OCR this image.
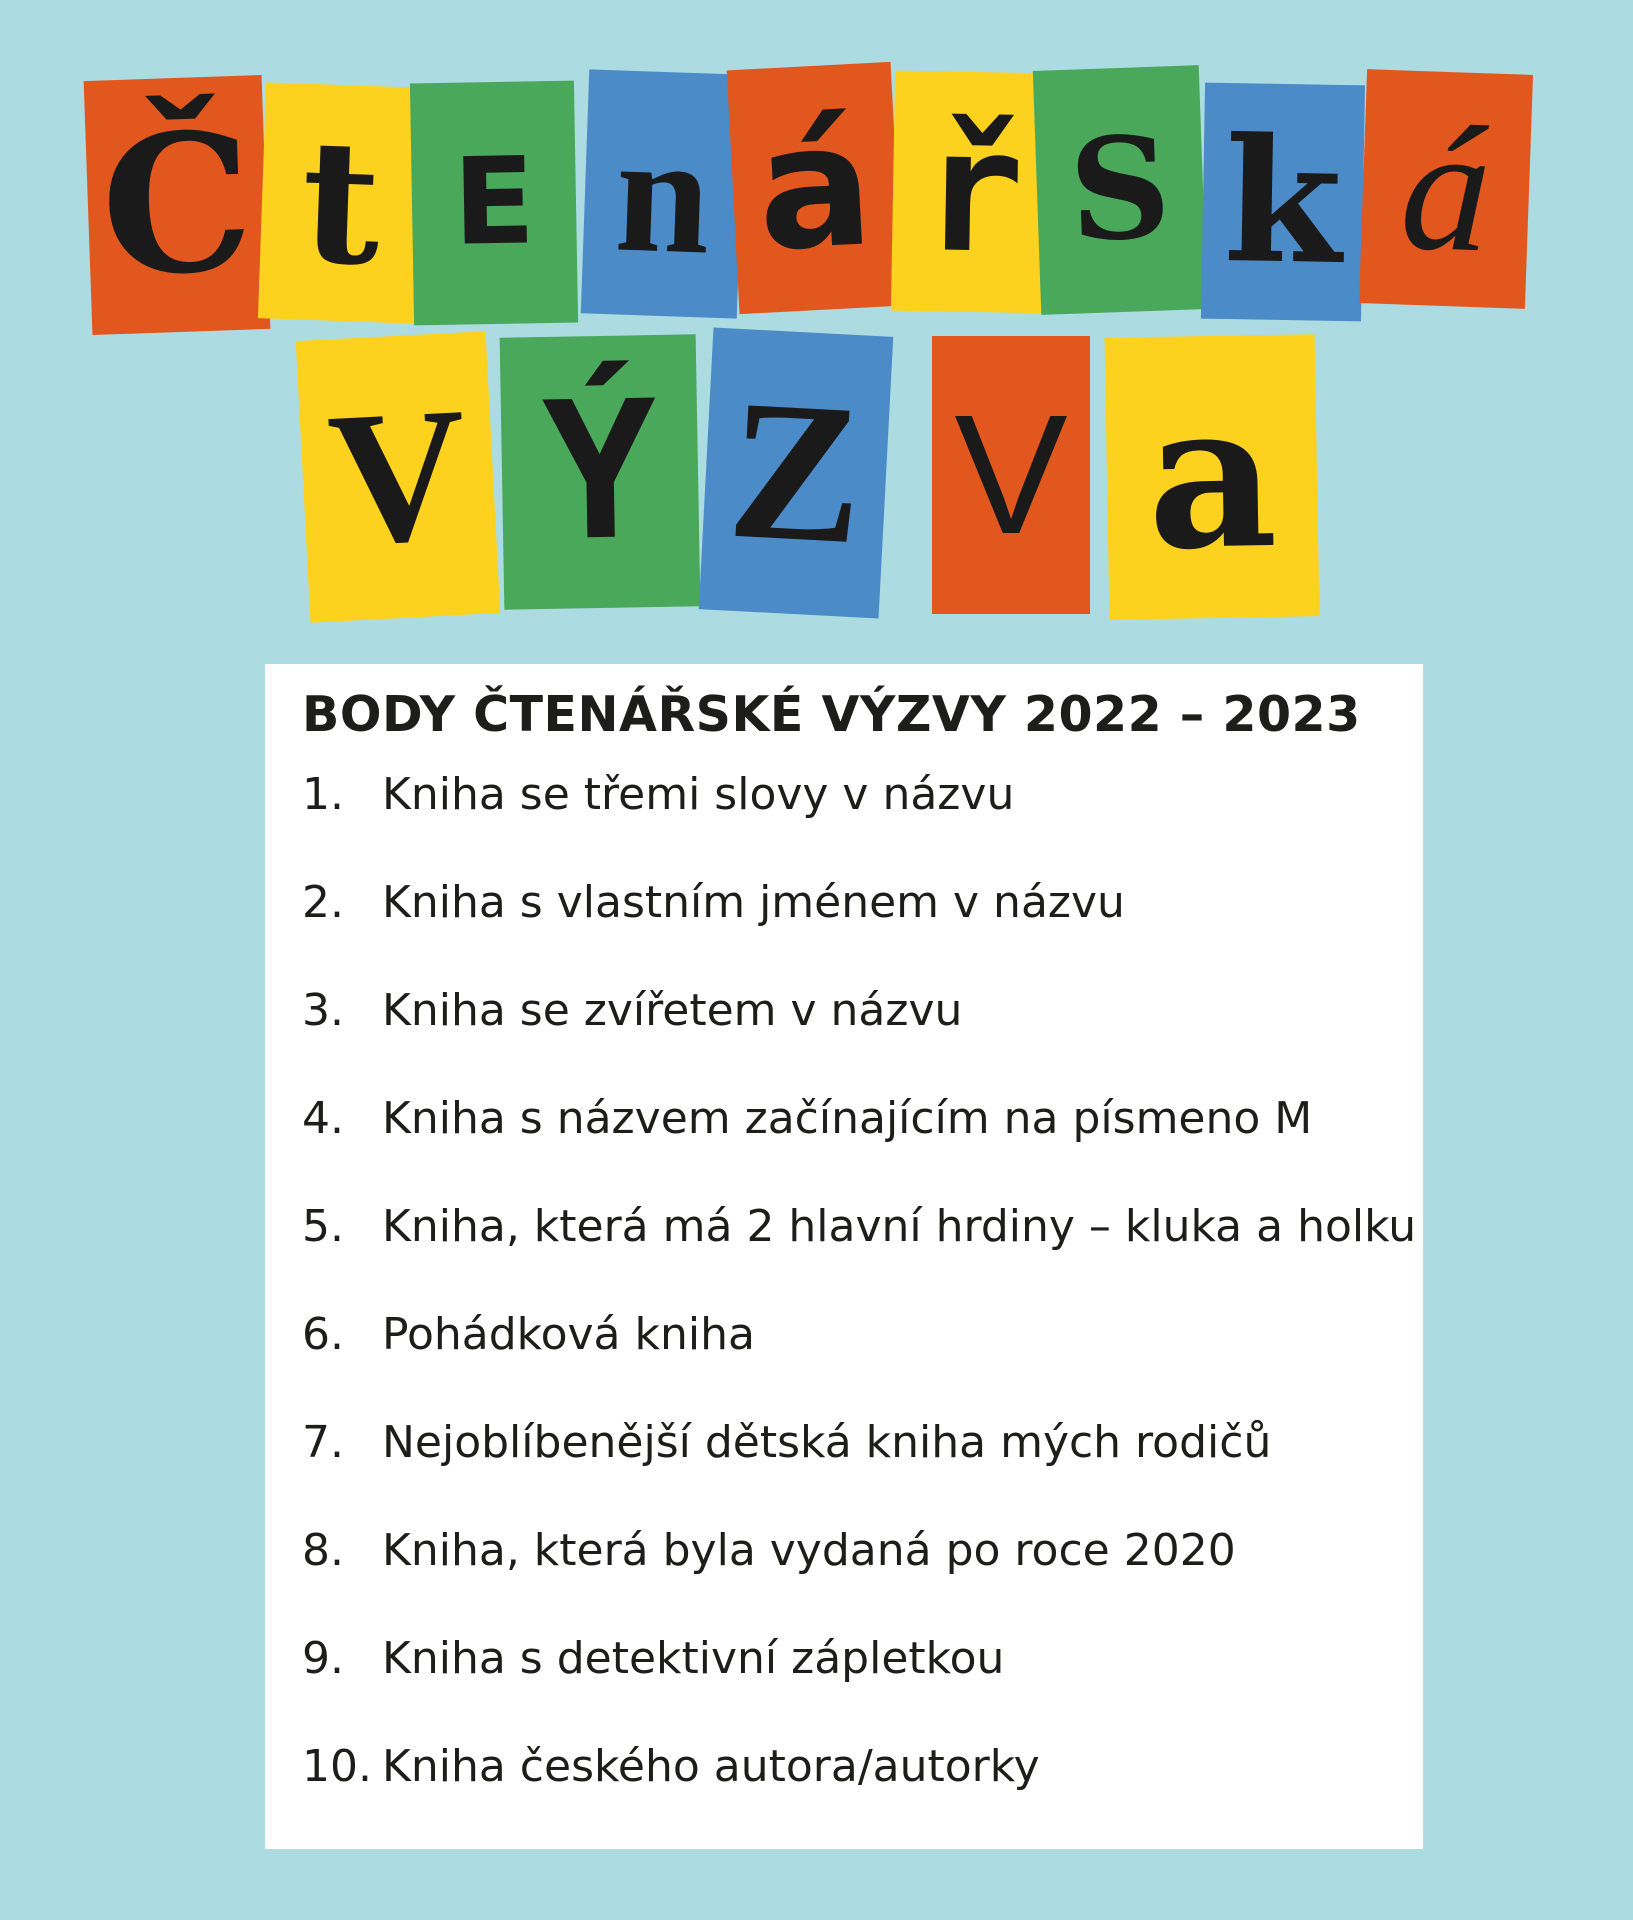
Č t E n á ř S k á
V Ý Z V a
BODY ČTENÁŘSKÉ VÝZVY 2022 – 2023
1. Kniha se třemi slovy v názvu
2. Kniha s vlastním jménem v názvu
3. Kniha se zvířetem v názvu
4. Kniha s názvem začínajícím na písmeno M
5. Kniha, která má 2 hlavní hrdiny – kluka a holku
6. Pohádková kniha
7. Nejoblíbenější dětská kniha mých rodičů
8. Kniha, která byla vydaná po roce 2020
9. Kniha s detektivní zápletkou
10. Kniha českého autora/autorky
